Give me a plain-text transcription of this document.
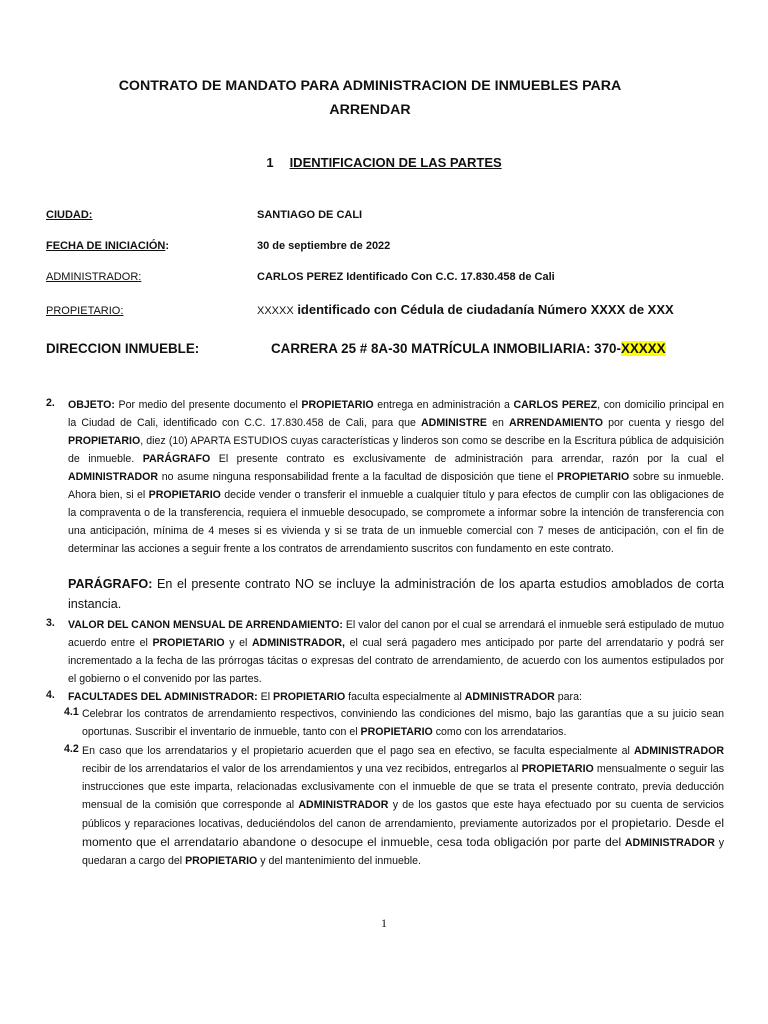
CONTRATO DE MANDATO PARA ADMINISTRACION DE INMUEBLES PARA
ARRENDAR
1 IDENTIFICACION DE LAS PARTES
CIUDAD:	SANTIAGO DE CALI
FECHA DE INICIACIÓN:	30 de septiembre de 2022
ADMINISTRADOR:	CARLOS PEREZ Identificado Con C.C. 17.830.458 de Cali
PROPIETARIO:	XXXXX identificado con Cédula de ciudadanía Número XXXX de XXX
DIRECCION INMUEBLE:	CARRERA 25 # 8A-30 MATRÍCULA INMOBILIARIA: 370-XXXXX
2. OBJETO: Por medio del presente documento el PROPIETARIO entrega en administración a CARLOS PEREZ, con domicilio principal en la Ciudad de Cali, identificado con C.C. 17.830.458 de Cali, para que ADMINISTRE en ARRENDAMIENTO por cuenta y riesgo del PROPIETARIO, diez (10) APARTA ESTUDIOS cuyas características y linderos son como se describe en la Escritura pública de adquisición de inmueble. PARÁGRAFO El presente contrato es exclusivamente de administración para arrendar, razón por la cual el ADMINISTRADOR no asume ninguna responsabilidad frente a la facultad de disposición que tiene el PROPIETARIO sobre su inmueble. Ahora bien, si el PROPIETARIO decide vender o transferir el inmueble a cualquier título y para efectos de cumplir con las obligaciones de la compraventa o de la transferencia, requiera el inmueble desocupado, se compromete a informar sobre la intención de transferencia con una anticipación, mínima de 4 meses si es vivienda y si se trata de un inmueble comercial con 7 meses de anticipación, con el fin de determinar las acciones a seguir frente a los contratos de arrendamiento suscritos con fundamento en este contrato.
PARÁGRAFO: En el presente contrato NO se incluye la administración de los aparta estudios amoblados de corta instancia.
3. VALOR DEL CANON MENSUAL DE ARRENDAMIENTO: El valor del canon por el cual se arrendará el inmueble será estipulado de mutuo acuerdo entre el PROPIETARIO y el ADMINISTRADOR, el cual será pagadero mes anticipado por parte del arrendatario y podrá ser incrementado a la fecha de las prórrogas tácitas o expresas del contrato de arrendamiento, de acuerdo con los aumentos estipulados por el gobierno o el convenido por las partes.
4. FACULTADES DEL ADMINISTRADOR: El PROPIETARIO faculta especialmente al ADMINISTRADOR para:
4.1 Celebrar los contratos de arrendamiento respectivos, conviniendo las condiciones del mismo, bajo las garantías que a su juicio sean oportunas. Suscribir el inventario de inmueble, tanto con el PROPIETARIO como con los arrendatarios.
4.2 En caso que los arrendatarios y el propietario acuerden que el pago sea en efectivo, se faculta especialmente al ADMINISTRADOR recibir de los arrendatarios el valor de los arrendamientos y una vez recibidos, entregarlos al PROPIETARIO mensualmente o seguir las instrucciones que este imparta, relacionadas exclusivamente con el inmueble de que se trata el presente contrato, previa deducción mensual de la comisión que corresponde al ADMINISTRADOR y de los gastos que este haya efectuado por su cuenta de servicios públicos y reparaciones locativas, deduciéndolos del canon de arrendamiento, previamente autorizados por el propietario. Desde el momento que el arrendatario abandone o desocupe el inmueble, cesa toda obligación por parte del ADMINISTRADOR y quedaran a cargo del PROPIETARIO y del mantenimiento del inmueble.
1
